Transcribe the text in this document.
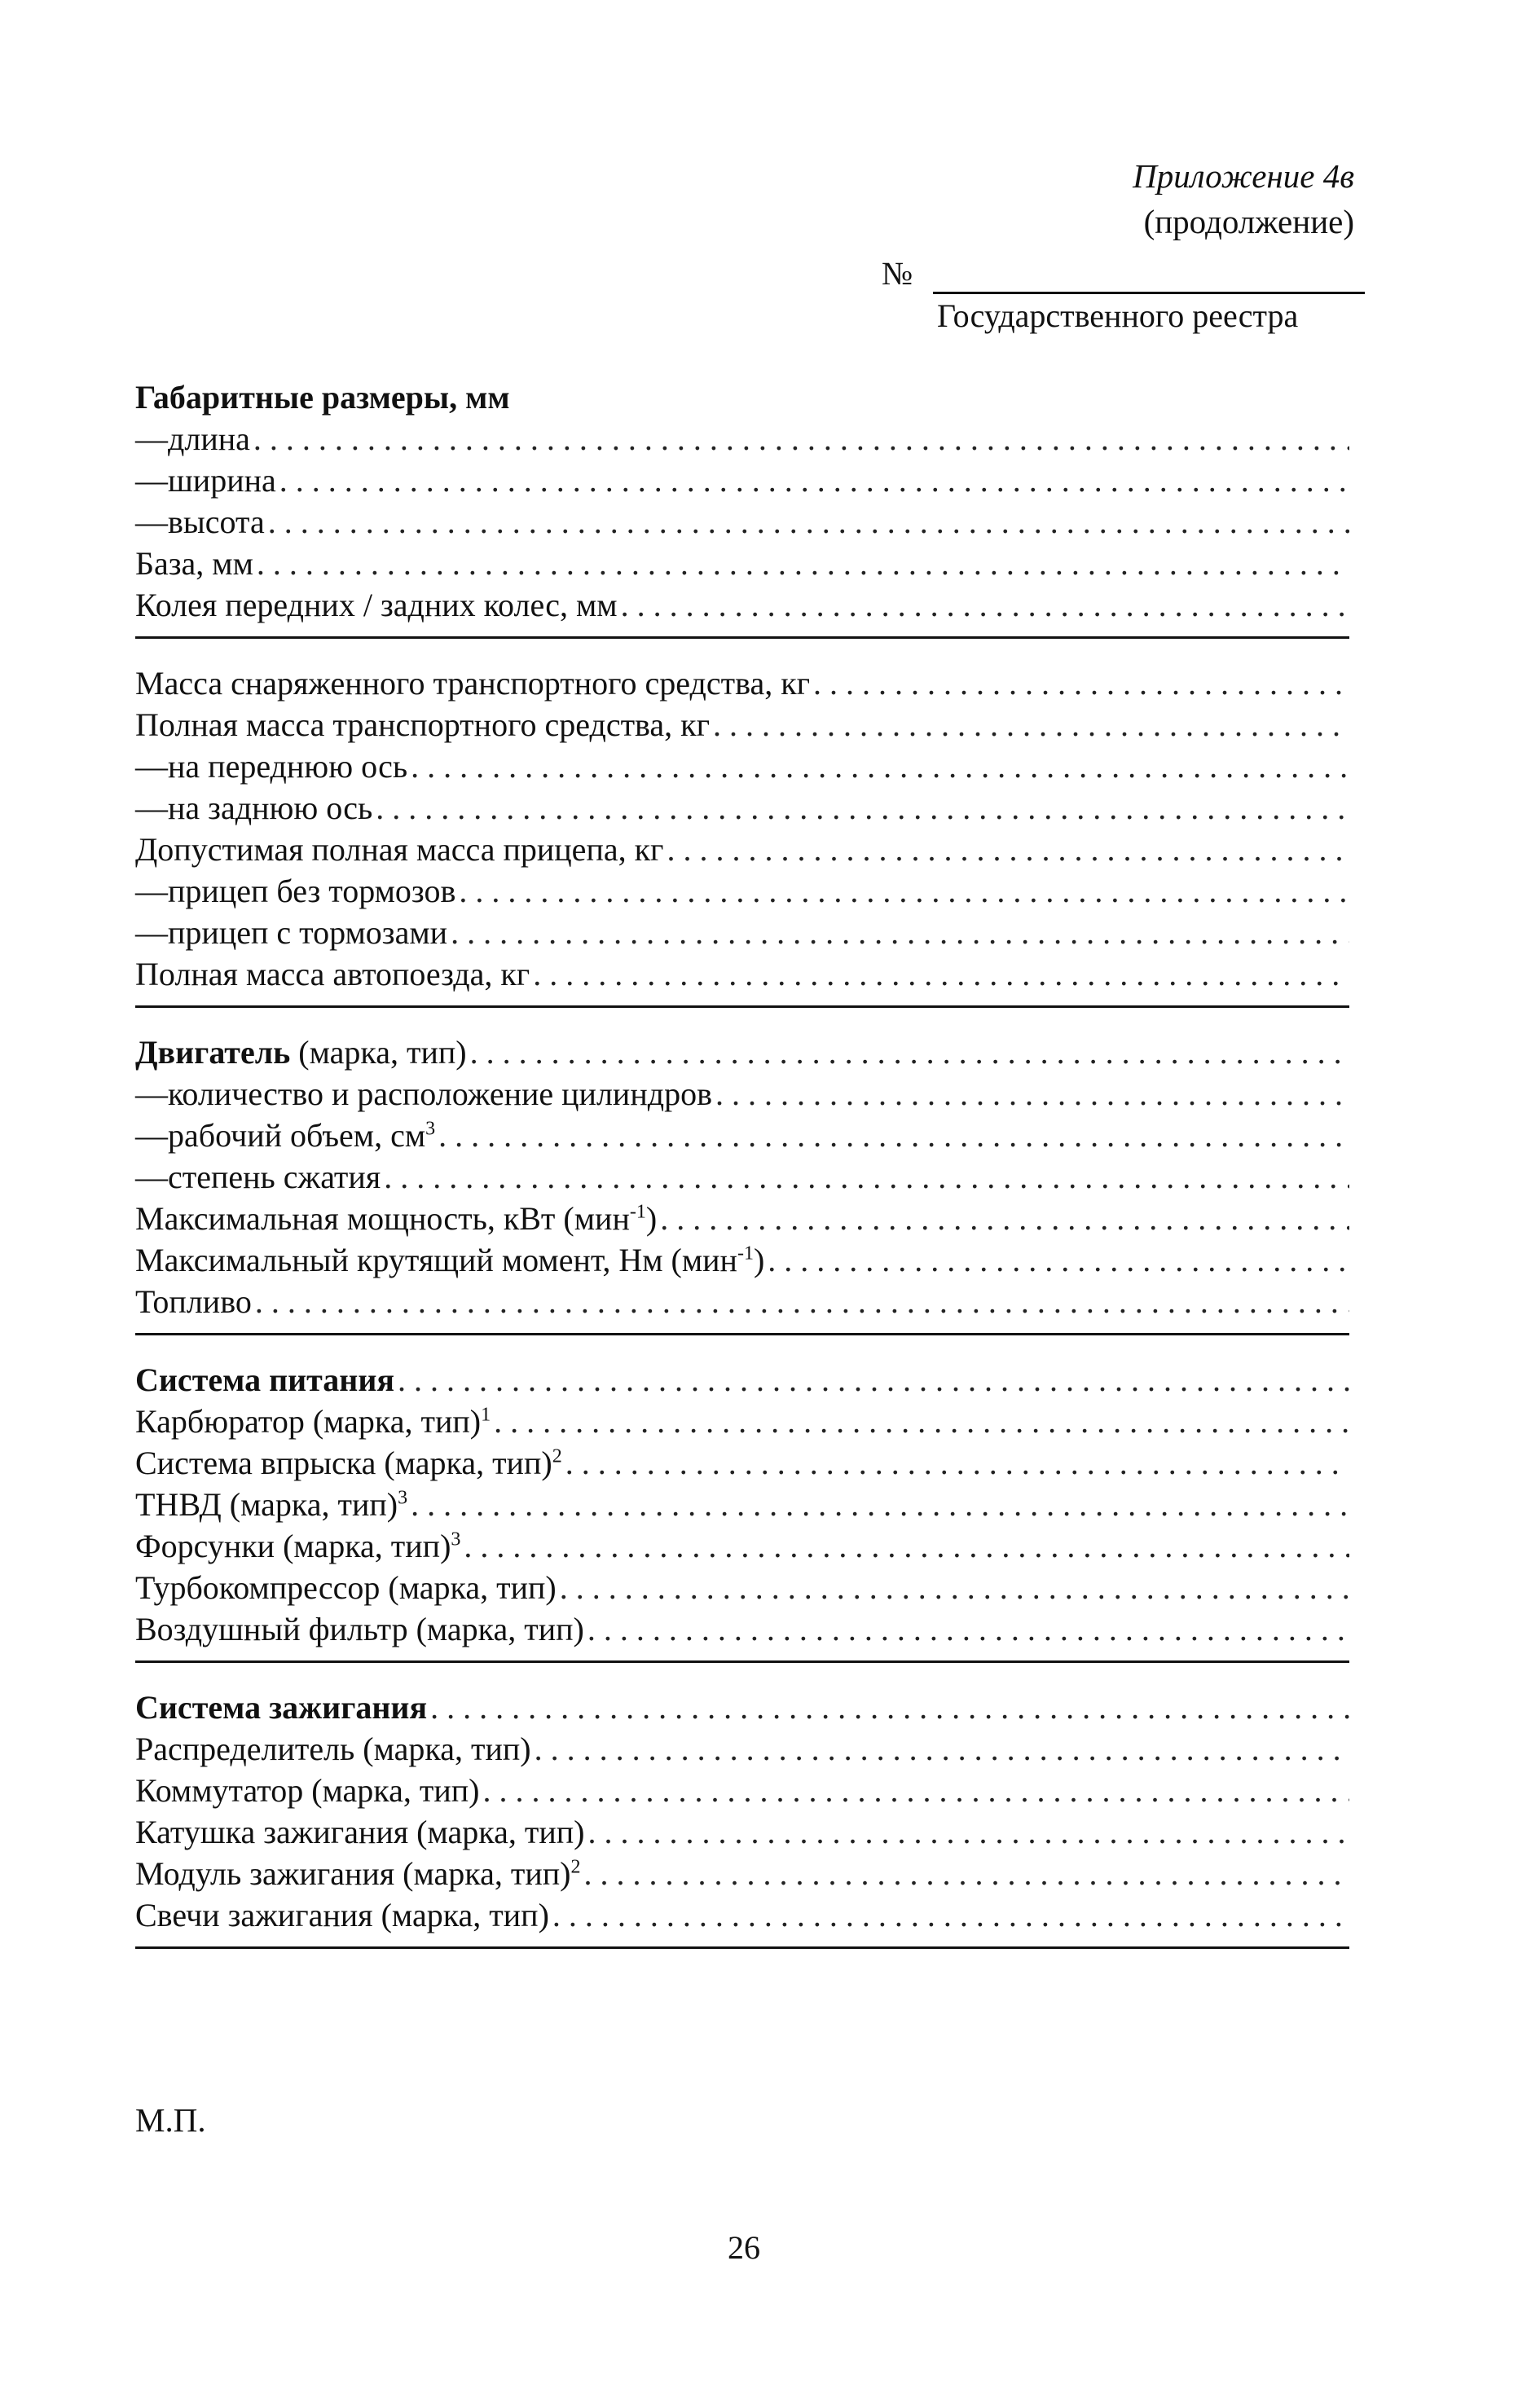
Приложение 4в
(продолжение)
№
Государственного реестра
Габаритные размеры, мм
—длина
.....
—ширина
.....
—высота
.....
База, мм
.....
Колея передних / задних колес, мм
.....
Масса снаряженного транспортного средства, кг
.....
Полная масса транспортного средства, кг
.....
—на переднюю ось
.....
—на заднюю ось
.....
Допустимая полная масса прицепа, кг
.....
—прицеп без тормозов
.....
—прицеп с тормозами
.....
Полная масса автопоезда, кг
.....
Двигатель (марка, тип)
.....
—количество и расположение цилиндров
.....
—рабочий объем, $см^3$
.....
—степень сжатия
.....
Максимальная мощность, кВт (мин$^{-1}$)
.....
Максимальный крутящий момент, Нм (мин$^{-1}$)
.....
Топливо
.....
Система питания
.....
Карбюратор (марка, тип)$^1$
.....
Система впрыска (марка, тип)$^2$
.....
ТНВД (марка, тип)$^3$
.....
Форсунки (марка, тип)$^3$
.....
Турбокомпрессор (марка, тип)
.....
Воздушный фильтр (марка, тип)
.....
Система зажигания
.....
Распределитель (марка, тип)
.....
Коммутатор (марка, тип)
.....
Катушка зажигания (марка, тип)
.....
Модуль зажигания (марка, тип)$^2$
.....
Свечи зажигания (марка, тип)
.....
М.П.
26
